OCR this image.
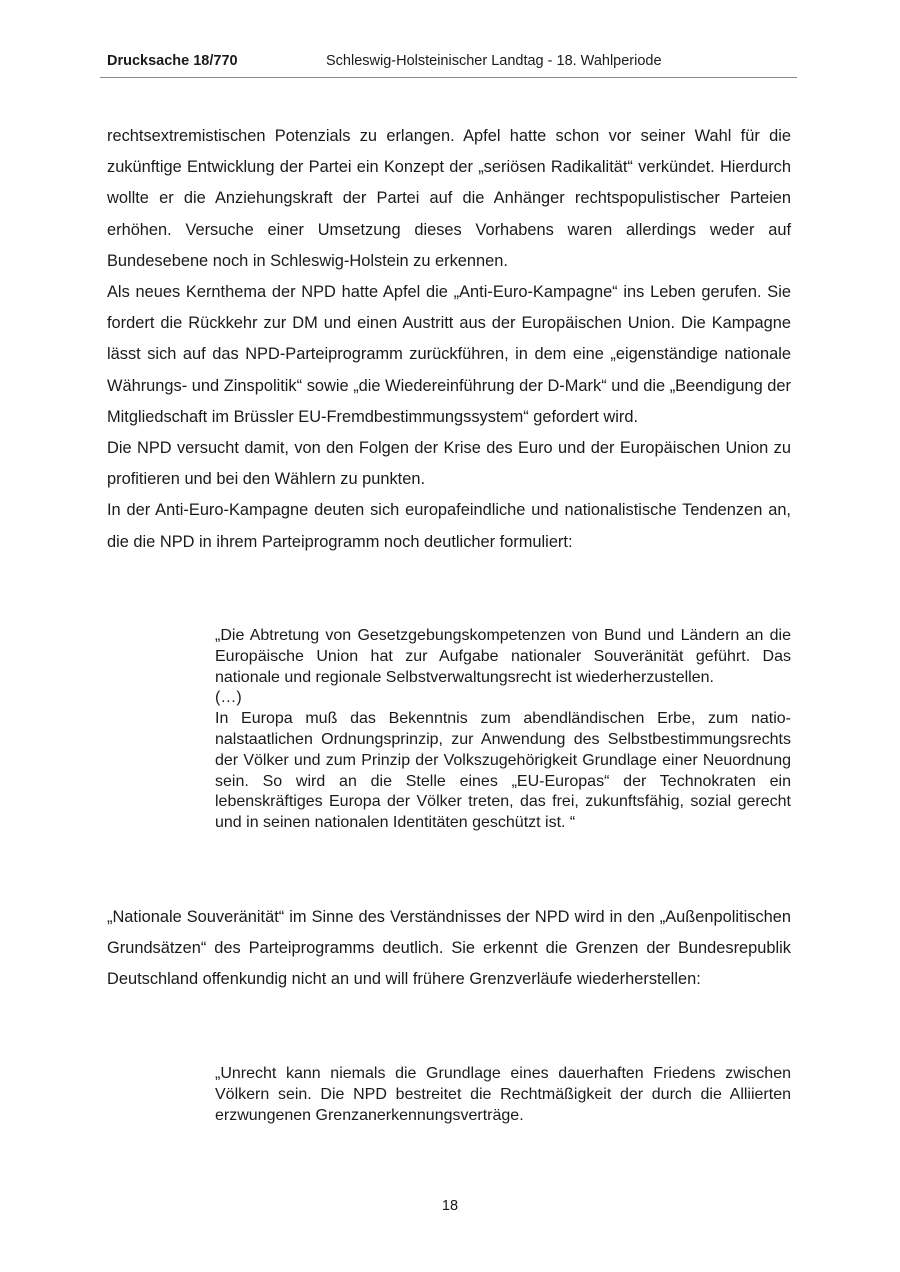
Drucksache 18/770	Schleswig-Holsteinischer Landtag - 18. Wahlperiode

rechtsextremistischen Potenzials zu erlangen. Apfel hatte schon vor seiner Wahl für die zukünftige Entwicklung der Partei ein Konzept der „seriösen Radikalität“ verkündet. Hierdurch wollte er die Anziehungskraft der Partei auf die Anhänger rechtspopulistischer Parteien erhöhen. Versuche einer Umsetzung dieses Vorhabens waren allerdings weder auf Bundesebene noch in Schleswig-Holstein zu erkennen.

Als neues Kernthema der NPD hatte Apfel die „Anti-Euro-Kampagne“ ins Leben gerufen. Sie fordert die Rückkehr zur DM und einen Austritt aus der Europäischen Union. Die Kampagne lässt sich auf das NPD-Parteiprogramm zurückführen, in dem eine „eigenständige nationale Währungs- und Zinspolitik“ sowie „die Wiedereinführung der D-Mark“ und die „Beendigung der Mitgliedschaft im Brüssler EU-Fremdbestimmungssystem“ gefordert wird.

Die NPD versucht damit, von den Folgen der Krise des Euro und der Europäischen Union zu profitieren und bei den Wählern zu punkten.

In der Anti-Euro-Kampagne deuten sich europafeindliche und nationalistische Tendenzen an, die die NPD in ihrem Parteiprogramm noch deutlicher formuliert:

„Die Abtretung von Gesetzgebungskompetenzen von Bund und Ländern an die Europäische Union hat zur Aufgabe nationaler Souveränität geführt. Das nationale und regionale Selbstverwaltungsrecht ist wiederherzustellen.

(…)

In Europa muß das Bekenntnis zum abendländischen Erbe, zum nationalstaatlichen Ordnungsprinzip, zur Anwendung des Selbstbestimmungsrechts der Völker und zum Prinzip der Volkszugehörigkeit Grundlage einer Neuordnung sein. So wird an die Stelle eines „EU-Europas“ der Technokraten ein lebenskräftiges Europa der Völker treten, das frei, zukunftsfähig, sozial gerecht und in seinen nationalen Identitäten geschützt ist. “

„Nationale Souveränität“ im Sinne des Verständnisses der NPD wird in den „Außenpolitischen Grundsätzen“ des Parteiprogramms deutlich. Sie erkennt die Grenzen der Bundesrepublik Deutschland offenkundig nicht an und will frühere Grenzverläufe wiederherstellen:

„Unrecht kann niemals die Grundlage eines dauerhaften Friedens zwischen Völkern sein. Die NPD bestreitet die Rechtmäßigkeit der durch die Alliierten erzwungenen Grenzanerkennungsverträge.

18
